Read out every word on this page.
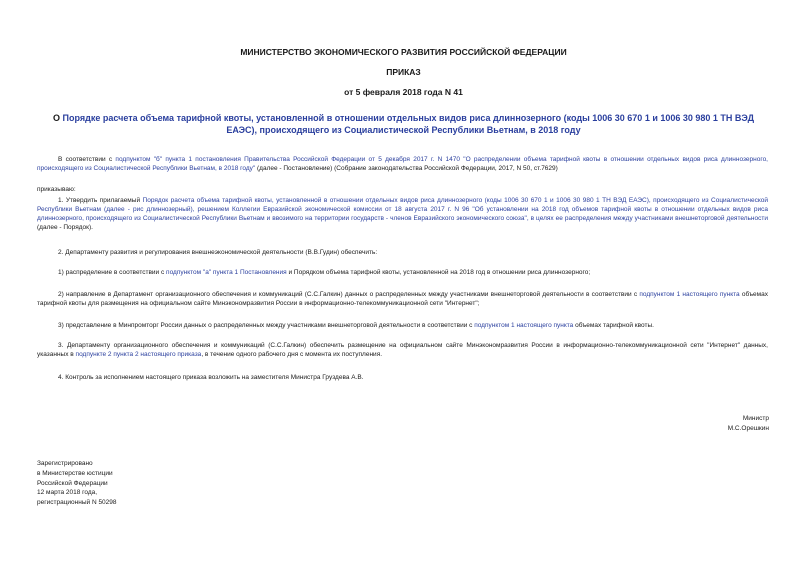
МИНИСТЕРСТВО ЭКОНОМИЧЕСКОГО РАЗВИТИЯ РОССИЙСКОЙ ФЕДЕРАЦИИ
ПРИКАЗ
от 5 февраля 2018 года N 41
О Порядке расчета объема тарифной квоты, установленной в отношении отдельных видов риса длиннозерного (коды 1006 30 670 1 и 1006 30 980 1 ТН ВЭД ЕАЭС), происходящего из Социалистической Республики Вьетнам, в 2018 году
В соответствии с подпунктом "б" пункта 1 постановления Правительства Российской Федерации от 5 декабря 2017 г. N 1470 "О распределении объема тарифной квоты в отношении отдельных видов риса длиннозерного, происходящего из Социалистической Республики Вьетнам, в 2018 году" (далее - Постановление) (Собрание законодательства Российской Федерации, 2017, N 50, ст.7629)
приказываю:
1. Утвердить прилагаемый Порядок расчета объема тарифной квоты, установленной в отношении отдельных видов риса длиннозерного (коды 1006 30 670 1 и 1006 30 980 1 ТН ВЭД ЕАЭС), происходящего из Социалистической Республики Вьетнам (далее - рис длиннозерный), решением Коллегии Евразийской экономической комиссии от 18 августа 2017 г. N 96 "Об установлении на 2018 год объемов тарифной квоты в отношении отдельных видов риса длиннозерного, происходящего из Социалистической Республики Вьетнам и ввозимого на территории государств - членов Евразийского экономического союза", в целях ее распределения между участниками внешнеторговой деятельности (далее - Порядок).
2. Департаменту развития и регулирования внешнеэкономической деятельности (В.В.Гудин) обеспечить:
1) распределение в соответствии с подпунктом "а" пункта 1 Постановления и Порядком объема тарифной квоты, установленной на 2018 год в отношении риса длиннозерного;
2) направление в Департамент организационного обеспечения и коммуникаций (С.С.Галкин) данных о распределенных между участниками внешнеторговой деятельности в соответствии с подпунктом 1 настоящего пункта объемах тарифной квоты для размещения на официальном сайте Минэкономразвития России в информационно-телекоммуникационной сети "Интернет";
3) представление в Минпромторг России данных о распределенных между участниками внешнеторговой деятельности в соответствии с подпунктом 1 настоящего пункта объемах тарифной квоты.
3. Департаменту организационного обеспечения и коммуникаций (С.С.Галкин) обеспечить размещение на официальном сайте Минэкономразвития России в информационно-телекоммуникационной сети "Интернет" данных, указанных в подпункте 2 пункта 2 настоящего приказа, в течение одного рабочего дня с момента их поступления.
4. Контроль за исполнением настоящего приказа возложить на заместителя Министра Груздева А.В.
Министр
М.С.Орешкин
Зарегистрировано
в Министерстве юстиции
Российской Федерации
12 марта 2018 года,
регистрационный N 50298
